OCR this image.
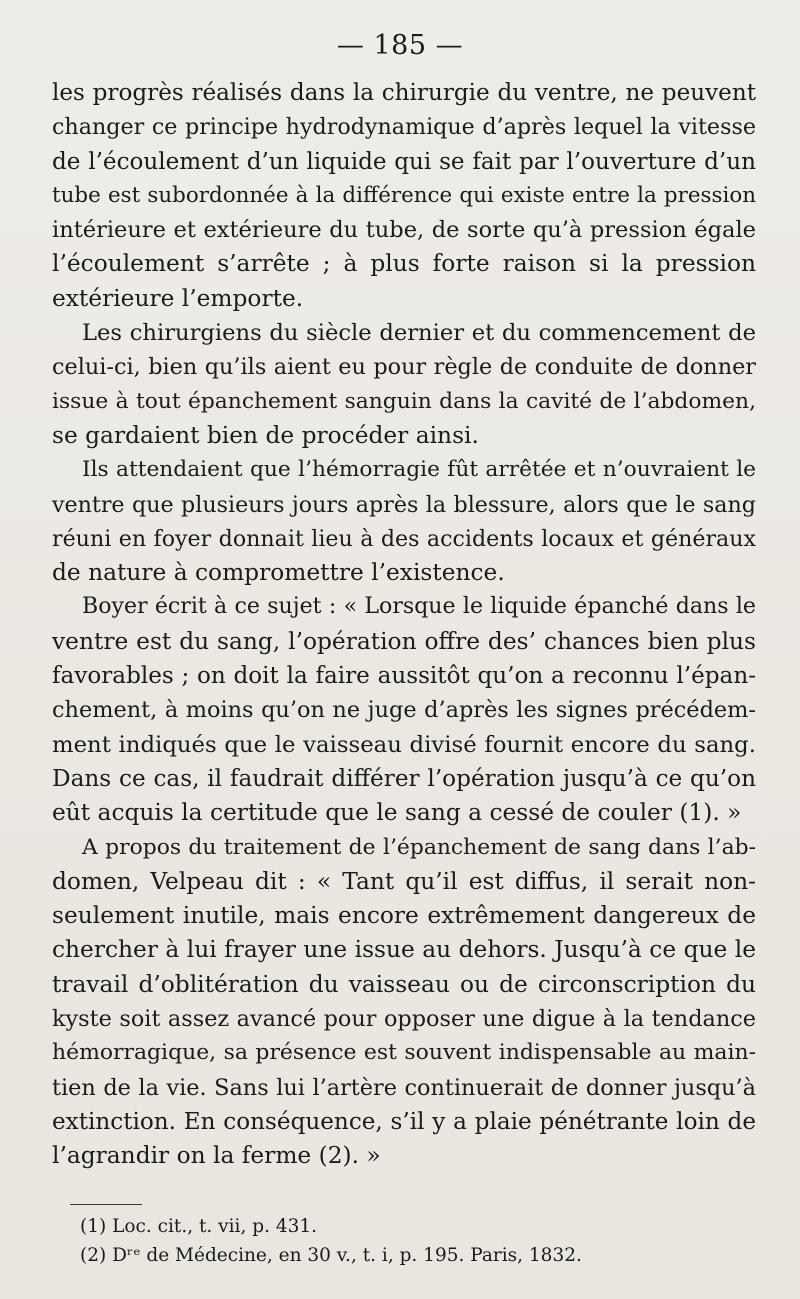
— 185 —
les progrès réalisés dans la chirurgie du ventre, ne peuvent
changer ce principe hydrodynamique d’après lequel la vitesse
de l’écoulement d’un liquide qui se fait par l’ouverture d’un
tube est subordonnée à la différence qui existe entre la pression
intérieure et extérieure du tube, de sorte qu’à pression égale
l’écoulement s’arrête ; à plus forte raison si la pression
extérieure l’emporte.
Les chirurgiens du siècle dernier et du commencement de
celui-ci, bien qu’ils aient eu pour règle de conduite de donner
issue à tout épanchement sanguin dans la cavité de l’abdomen,
se gardaient bien de procéder ainsi.
Ils attendaient que l’hémorragie fût arrêtée et n’ouvraient le
ventre que plusieurs jours après la blessure, alors que le sang
réuni en foyer donnait lieu à des accidents locaux et généraux
de nature à compromettre l’existence.
Boyer écrit à ce sujet : « Lorsque le liquide épanché dans le
ventre est du sang, l’opération offre des’ chances bien plus
favorables ; on doit la faire aussitôt qu’on a reconnu l’épan-
chement, à moins qu’on ne juge d’après les signes précédem-
ment indiqués que le vaisseau divisé fournit encore du sang.
Dans ce cas, il faudrait différer l’opération jusqu’à ce qu’on
eût acquis la certitude que le sang a cessé de couler (1). »
A propos du traitement de l’épanchement de sang dans l’ab-
domen, Velpeau dit : « Tant qu’il est diffus, il serait non-
seulement inutile, mais encore extrêmement dangereux de
chercher à lui frayer une issue au dehors. Jusqu’à ce que le
travail d’oblitération du vaisseau ou de circonscription du
kyste soit assez avancé pour opposer une digue à la tendance
hémorragique, sa présence est souvent indispensable au main-
tien de la vie. Sans lui l’artère continuerait de donner jusqu’à
extinction. En conséquence, s’il y a plaie pénétrante loin de
l’agrandir on la ferme (2). »
(1) Loc. cit., t. vii, p. 431.
(2) Dʳᵉ de Médecine, en 30 v., t. i, p. 195. Paris, 1832.
